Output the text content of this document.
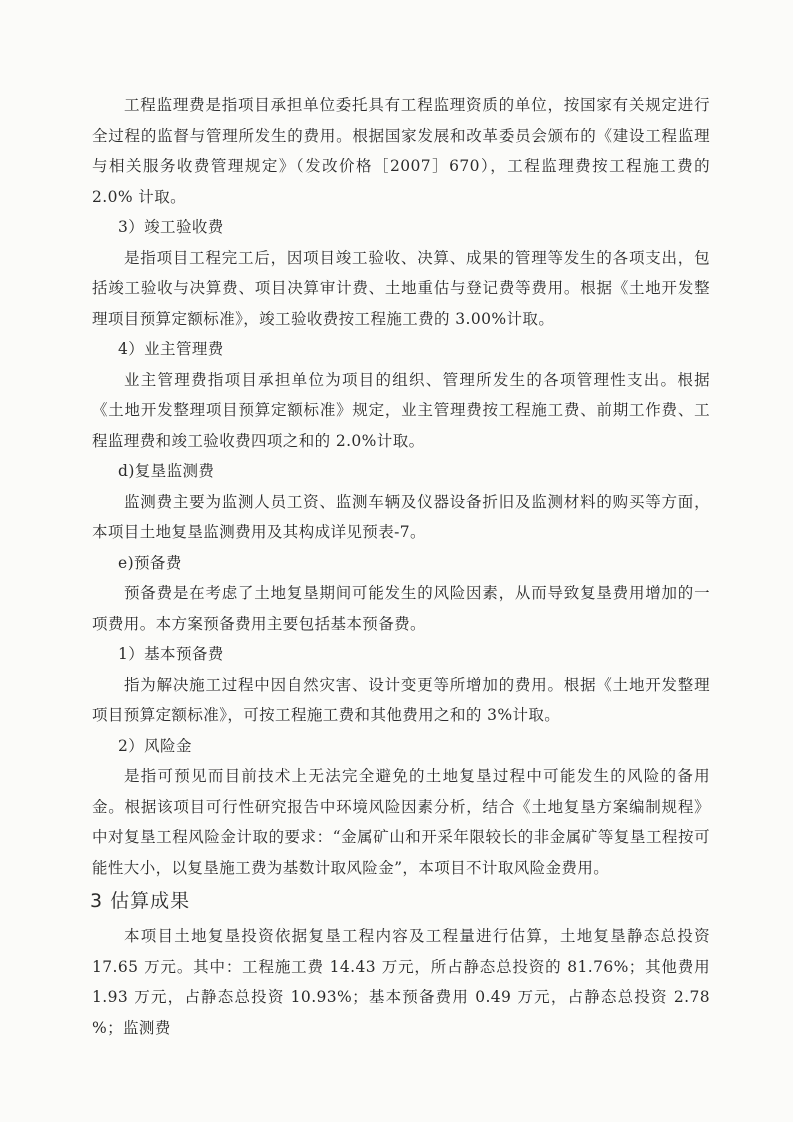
工程监理费是指项目承担单位委托具有工程监理资质的单位，按国家有关规定进行全过程的监督与管理所发生的费用。根据国家发展和改革委员会颁布的《建设工程监理与相关服务收费管理规定》（发改价格［2007］670），工程监理费按工程施工费的 2.0% 计取。

3）竣工验收费

是指项目工程完工后，因项目竣工验收、决算、成果的管理等发生的各项支出，包括竣工验收与决算费、项目决算审计费、土地重估与登记费等费用。根据《土地开发整理项目预算定额标准》，竣工验收费按工程施工费的 3.00%计取。

4）业主管理费

业主管理费指项目承担单位为项目的组织、管理所发生的各项管理性支出。根据《土地开发整理项目预算定额标准》规定，业主管理费按工程施工费、前期工作费、工程监理费和竣工验收费四项之和的 2.0%计取。

d)复垦监测费

监测费主要为监测人员工资、监测车辆及仪器设备折旧及监测材料的购买等方面，本项目土地复垦监测费用及其构成详见预表-7。

e)预备费

预备费是在考虑了土地复垦期间可能发生的风险因素，从而导致复垦费用增加的一项费用。本方案预备费用主要包括基本预备费。

1）基本预备费

指为解决施工过程中因自然灾害、设计变更等所增加的费用。根据《土地开发整理项目预算定额标准》，可按工程施工费和其他费用之和的 3%计取。

2）风险金

是指可预见而目前技术上无法完全避免的土地复垦过程中可能发生的风险的备用金。根据该项目可行性研究报告中环境风险因素分析，结合《土地复垦方案编制规程》中对复垦工程风险金计取的要求：“金属矿山和开采年限较长的非金属矿等复垦工程按可能性大小，以复垦施工费为基数计取风险金”，本项目不计取风险金费用。

3 估算成果

本项目土地复垦投资依据复垦工程内容及工程量进行估算，土地复垦静态总投资 17.65 万元。其中：工程施工费 14.43 万元，所占静态总投资的 81.76%；其他费用 1.93 万元，占静态总投资 10.93%；基本预备费用 0.49 万元，占静态总投资 2.78 %；监测费
